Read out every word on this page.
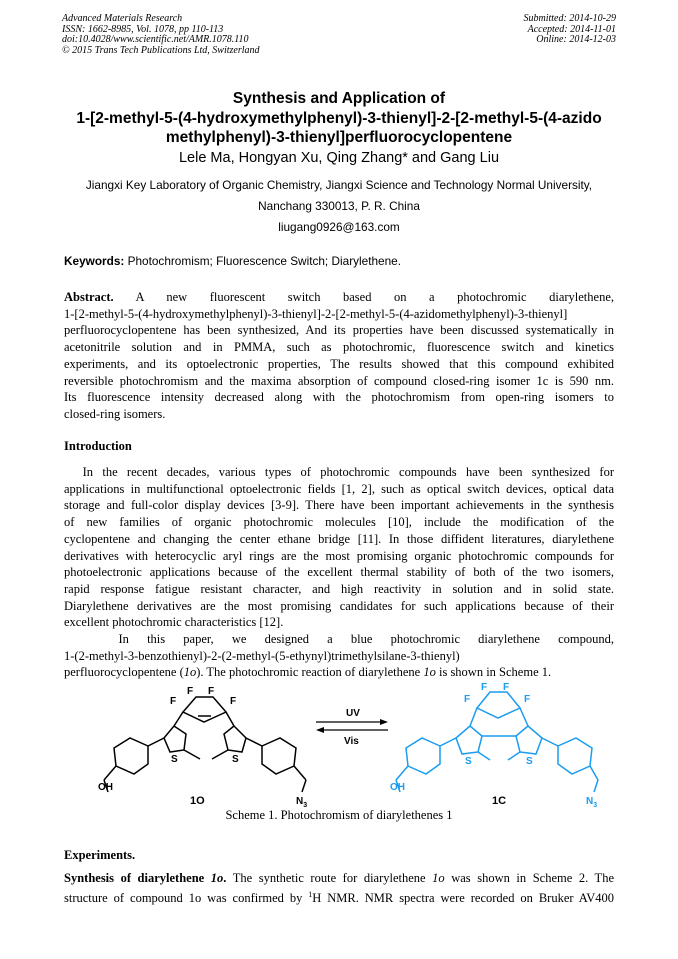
Advanced Materials Research
ISSN: 1662-8985, Vol. 1078, pp 110-113
doi:10.4028/www.scientific.net/AMR.1078.110
© 2015 Trans Tech Publications Ltd, Switzerland
Submitted: 2014-10-29
Accepted: 2014-11-01
Online: 2014-12-03
Synthesis and Application of
1-[2-methyl-5-(4-hydroxymethylphenyl)-3-thienyl]-2-[2-methyl-5-(4-azido
methylphenyl)-3-thienyl]perfluorocyclopentene
Lele Ma, Hongyan Xu, Qing Zhang* and Gang Liu
Jiangxi Key Laboratory of Organic Chemistry, Jiangxi Science and Technology Normal University,
Nanchang 330013, P. R. China
liugang0926@163.com
Keywords: Photochromism; Fluorescence Switch; Diarylethene.
Abstract. A new fluorescent switch based on a photochromic diarylethene,
1-[2-methyl-5-(4-hydroxymethylphenyl)-3-thienyl]-2-[2-methyl-5-(4-azidomethylphenyl)-3-thienyl]
perfluorocyclopentene has been synthesized, And its properties have been discussed systematically in
acetonitrile solution and in PMMA, such as photochromic, fluorescence switch and kinetics
experiments, and its optoelectronic properties, The results showed that this compound exhibited
reversible photochromism and the maxima absorption of compound closed-ring isomer 1c is 590 nm.
Its fluorescence intensity decreased along with the photochromism from open-ring isomers to
closed-ring isomers.
Introduction
In the recent decades, various types of photochromic compounds have been synthesized for
applications in multifunctional optoelectronic fields [1, 2], such as optical switch devices, optical data
storage and full-color display devices [3-9]. There have been important achievements in the synthesis
of new families of organic photochromic molecules [10], include the modification of the
cyclopentene and changing the center ethane bridge [11]. In those diffident literatures, diarylethene
derivatives with heterocyclic aryl rings are the most promising organic photochromic compounds for
photoelectronic applications because of the excellent thermal stability of both of the two isomers,
rapid response fatigue resistant character, and high reactivity in solution and in solid state.
Diarylethene derivatives are the most promising candidates for such applications because of their
excellent photochromic characteristics [12].
In this paper, we designed a blue photochromic diarylethene compound,
1-(2-methyl-3-benzothienyl)-2-(2-methyl-(5-ethynyl)trimethylsilane-3-thienyl)
perfluorocyclopentene (1o). The photochromic reaction of diarylethene 1o is shown in Scheme 1.
F F
F	F
S	S
OH
$N_3$
1O
UV
Vis
F F
F	F
S	S
OH
$N_3$
1C
Scheme 1. Photochromism of diarylethenes 1
Experiments.
Synthesis of diarylethene 1o. The synthetic route for diarylethene 1o was shown in Scheme 2. The
structure of compound 1o was confirmed by $^1$H NMR. NMR spectra were recorded on Bruker AV400
